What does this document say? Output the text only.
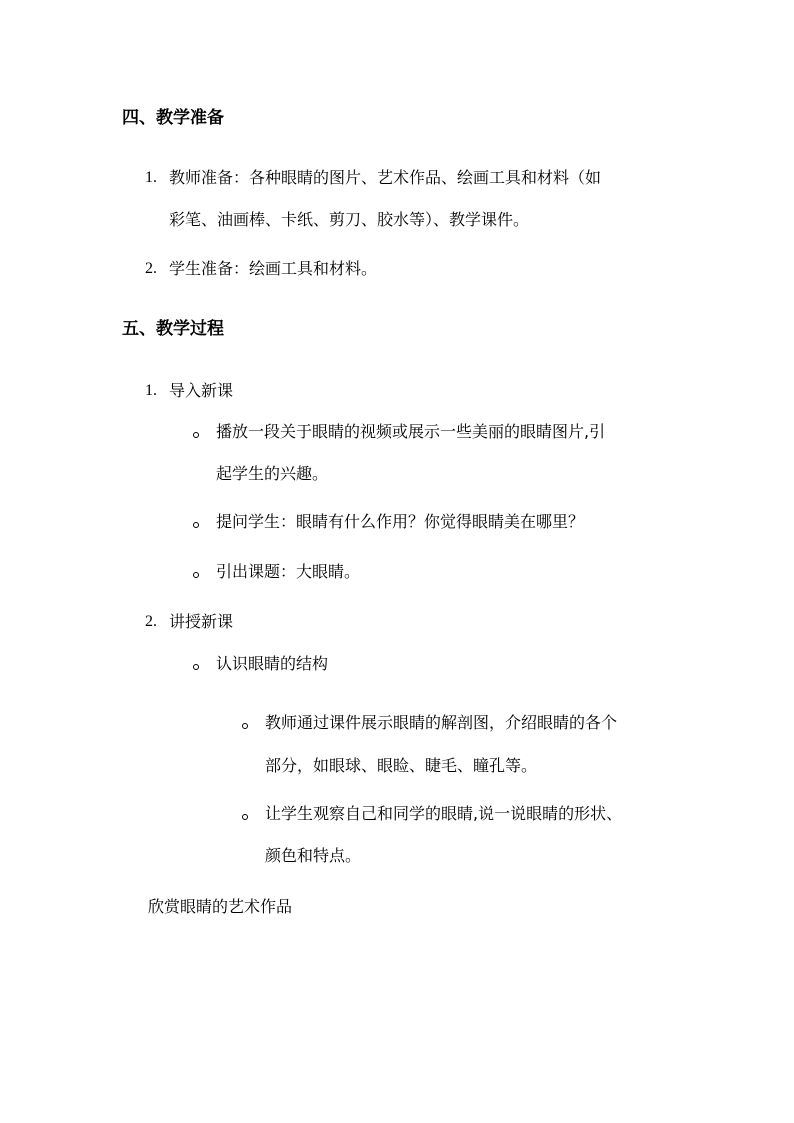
四、教学准备
1. 教师准备：各种眼睛的图片、艺术作品、绘画工具和材料（如
彩笔、油画棒、卡纸、剪刀、胶水等）、教学课件。
2. 学生准备：绘画工具和材料。
五、教学过程
1. 导入新课
播放一段关于眼睛的视频或展示一些美丽的眼睛图片,引
起学生的兴趣。
提问学生：眼睛有什么作用？你觉得眼睛美在哪里？
引出课题：大眼睛。
2. 讲授新课
认识眼睛的结构
教师通过课件展示眼睛的解剖图，介绍眼睛的各个
部分，如眼球、眼睑、睫毛、瞳孔等。
让学生观察自己和同学的眼睛,说一说眼睛的形状、
颜色和特点。
欣赏眼睛的艺术作品
